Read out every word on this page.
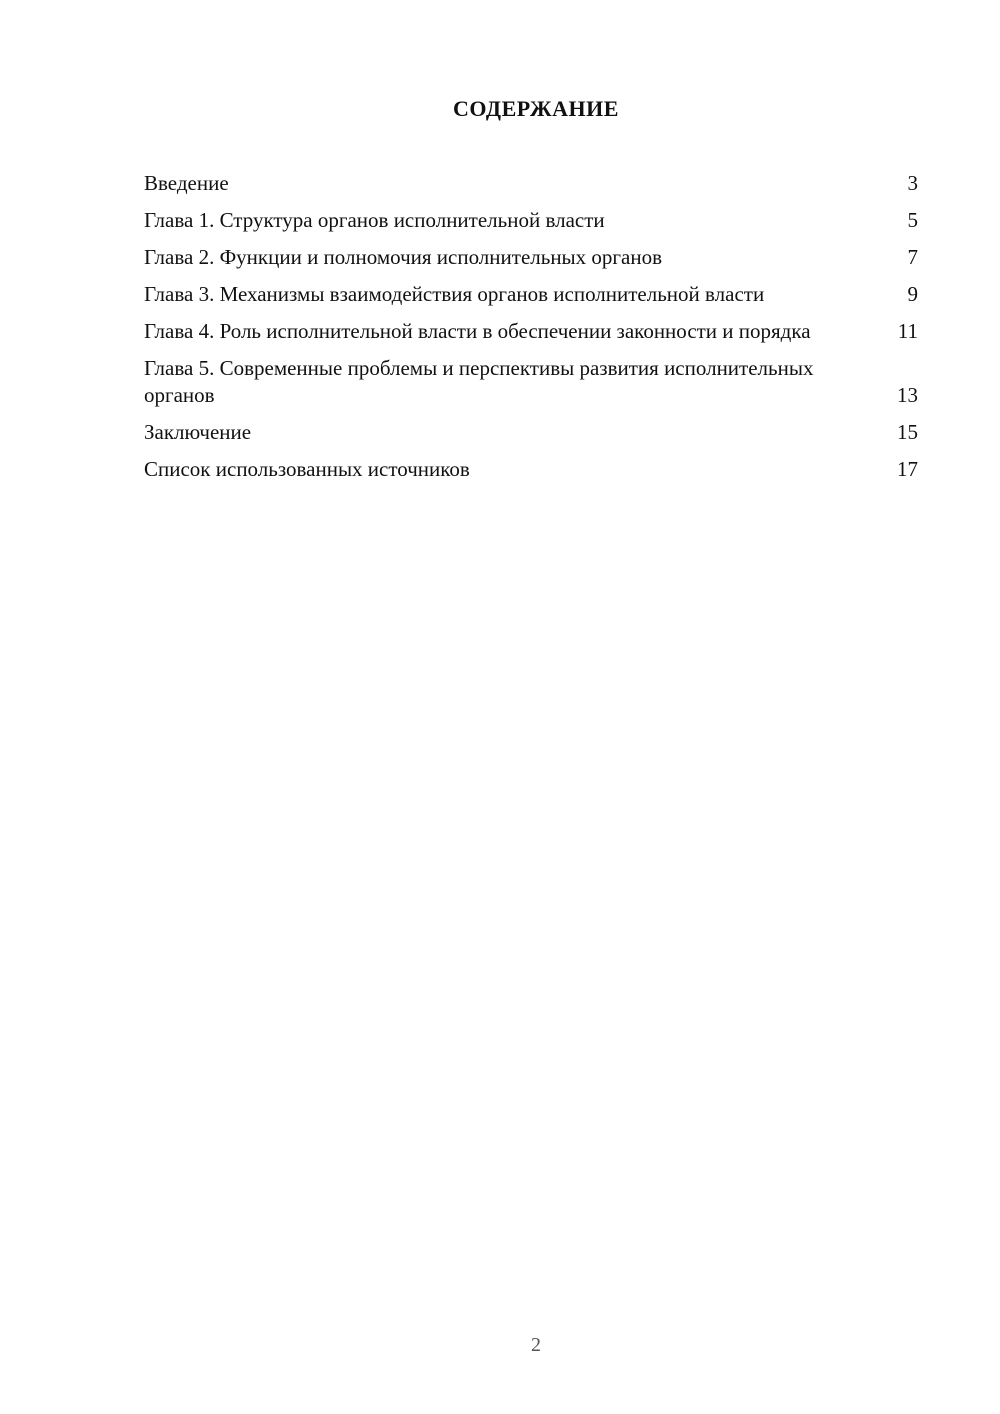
СОДЕРЖАНИЕ
Введение	3
Глава 1. Структура органов исполнительной власти	5
Глава 2. Функции и полномочия исполнительных органов	7
Глава 3. Механизмы взаимодействия органов исполнительной власти	9
Глава 4. Роль исполнительной власти в обеспечении законности и порядка	11
Глава 5. Современные проблемы и перспективы развития исполнительных органов	13
Заключение	15
Список использованных источников	17
2
